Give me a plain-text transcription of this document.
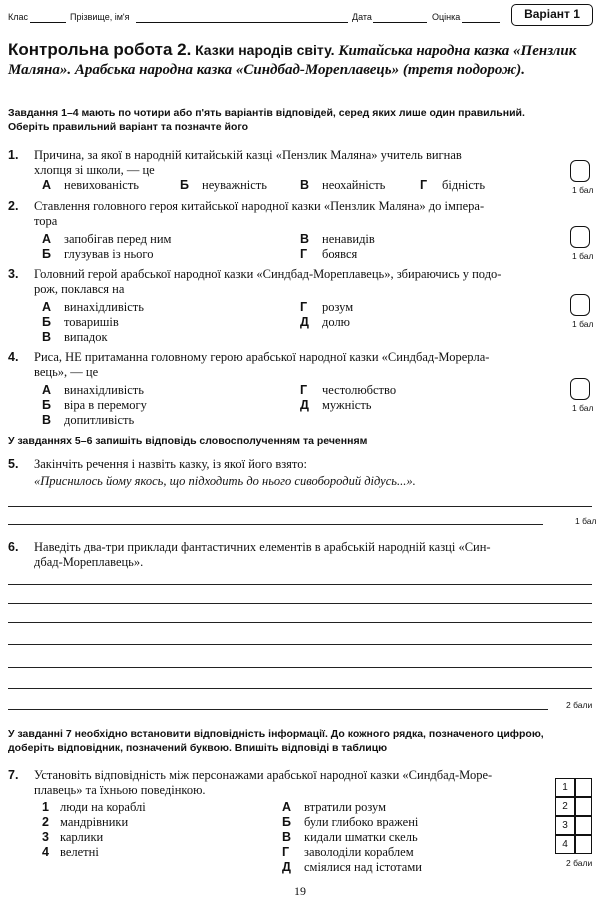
Клас	Прізвище, ім'я	Дата	Оцінка	Варіант 1
Контрольна робота 2. Казки народів світу. Китайська народна казка «Пензлик Маляна». Арабська народна казка «Синдбад-Мореплавець» (третя подорож).
Завдання 1–4 мають по чотири або п'ять варіантів відповідей, серед яких лише один правильний.
Оберіть правильний варіант та позначте його
1.	Причина, за якої в народній китайській казці «Пензлик Маляна» учитель вигнав
хлопця зі школи, — це
А невихованість	Б неуважність	В неохайність	Г бідність	1 бал
2.	Ставлення головного героя китайської народної казки «Пензлик Маляна» до імпера-
тора
А запобігав перед ним
Б глузував із нього
В ненавидів
Г боявся	1 бал
3.	Головний герой арабської народної казки «Синдбад-Мореплавець», збираючись у подо-
рож, поклався на
А винахідливість
Б товаришів
В випадок
Г розум
Д долю	1 бал
4.	Риса, НЕ притаманна головному герою арабської народної казки «Синдбад-Мореpла-
вець», — це
А винахідливість
Б віра в перемогу
В допитливість
Г честолюбство
Д мужність	1 бал
У завданнях 5–6 запишіть відповідь словосполученням та реченням
5.	Закінчіть речення і назвіть казку, із якої його взято:
«Приснилось йому якось, що підходить до нього сивобородий дідусь...».
1 бал
6.	Наведіть два-три приклади фантастичних елементів в арабській народній казці «Син-
дбад-Мореплавець».
2 бали
У завданні 7 необхідно встановити відповідність інформації. До кожного рядка, позначеного цифрою,
доберіть відповідник, позначений буквою. Впишіть відповіді в таблицю
7.	Установіть відповідність між персонажами арабської народної казки «Синдбад-Море-
плавець» та їхньою поведінкою.
1 люди на кораблі
2 мандрівники
3 карлики
4 велетні
А втратили розум
Б були глибоко вражені
В кидали шматки скель
Г заволоділи кораблем
Д сміялися над істотами
1
2
3
4
2 бали
19
